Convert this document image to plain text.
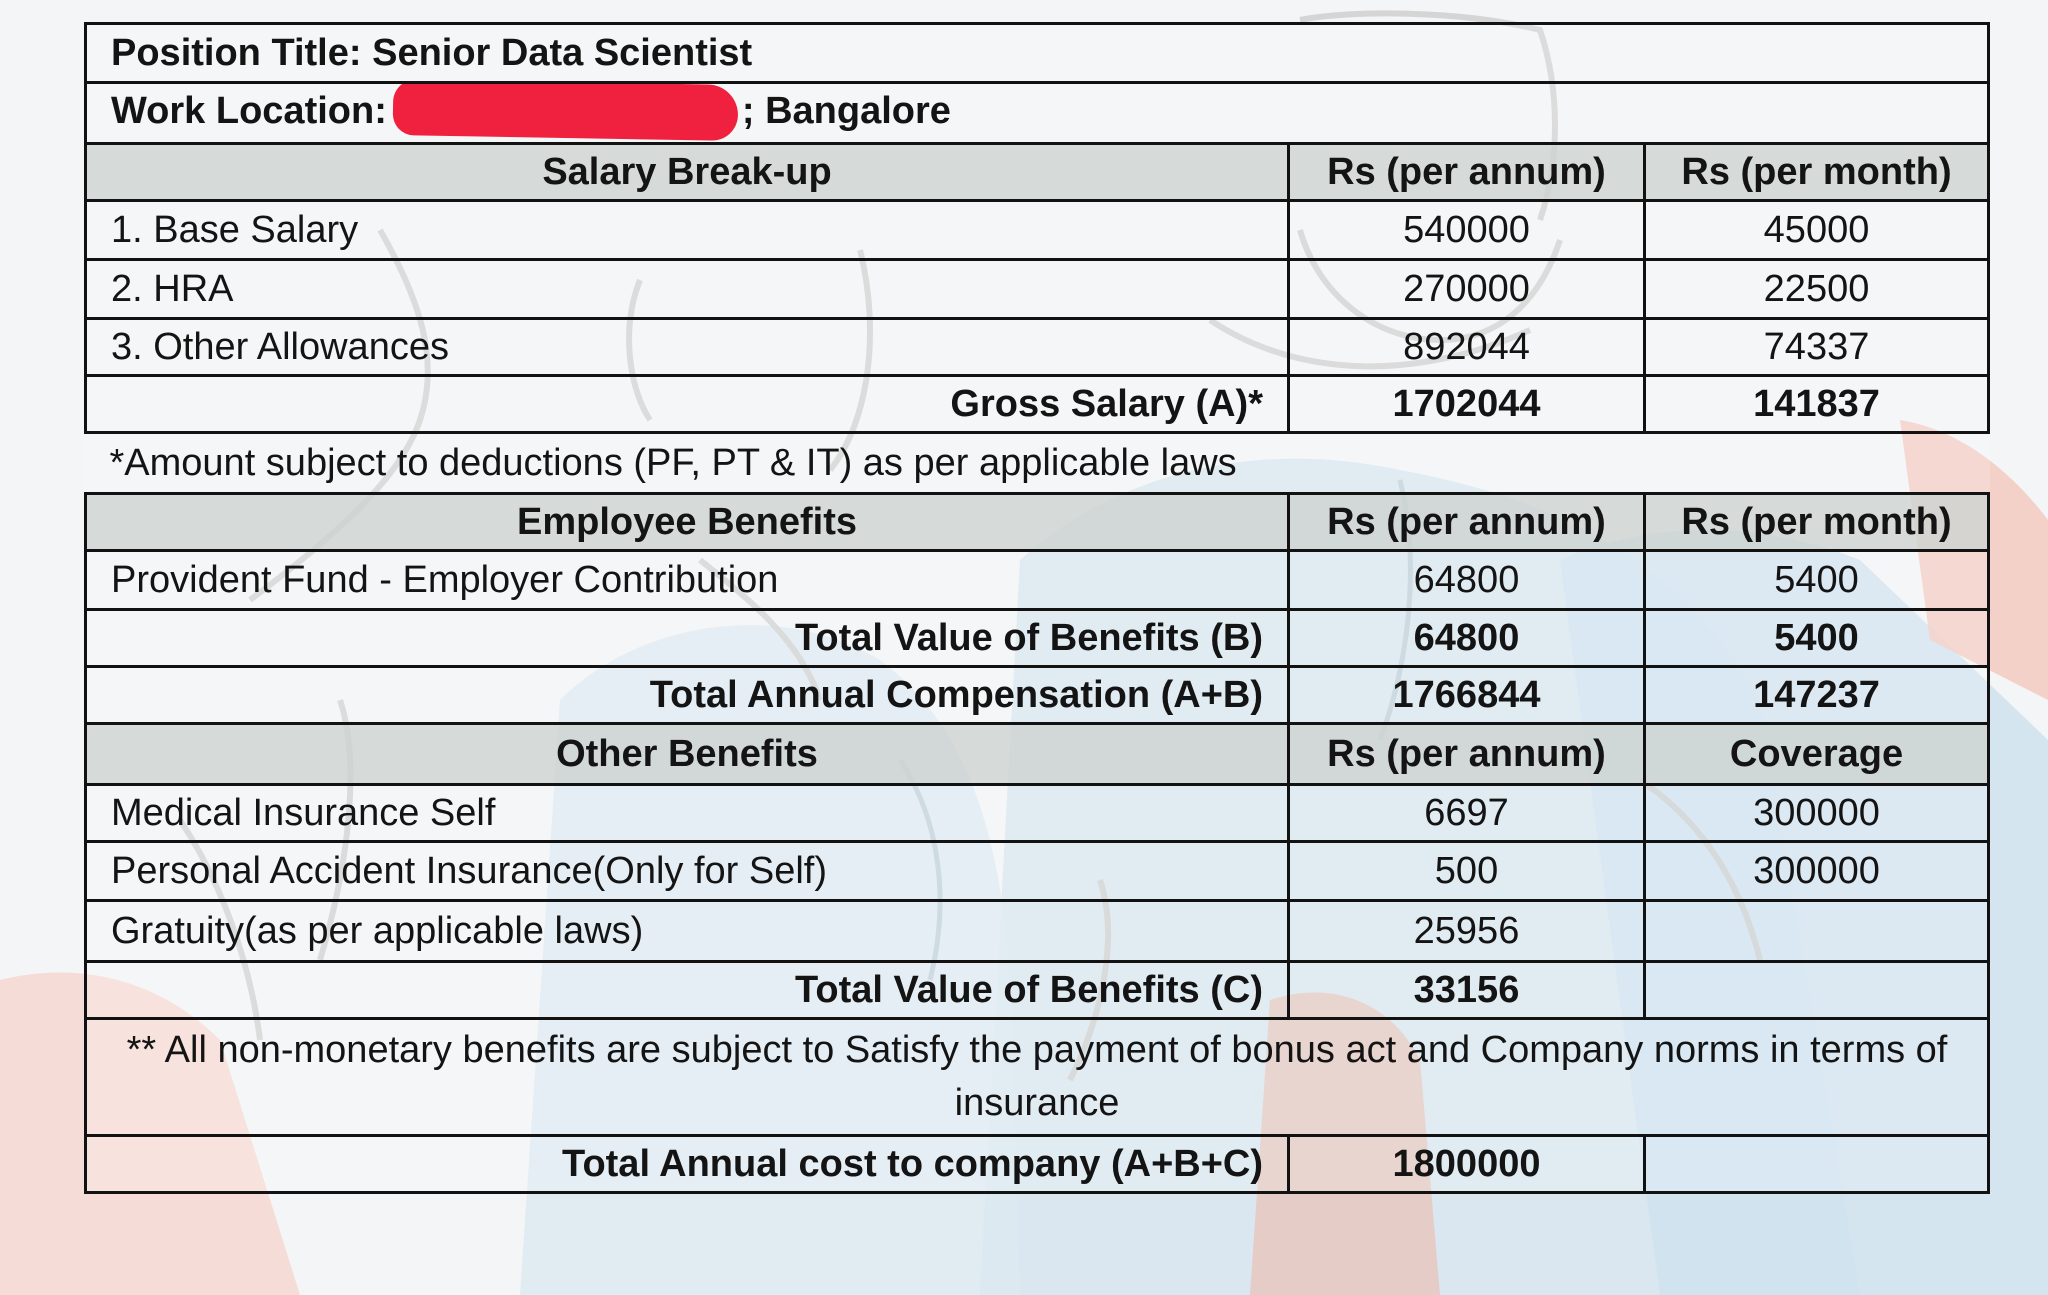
Position Title: Senior Data Scientist		
Work Location: ; Bangalore		
Salary Break-up	Rs (per annum)	Rs (per month)
1. Base Salary	540000	45000
2. HRA	270000	22500
3. Other Allowances	892044	74337
Gross Salary (A)*	1702044	141837
*Amount subject to deductions (PF, PT & IT) as per applicable laws		
Employee Benefits	Rs (per annum)	Rs (per month)
Provident Fund - Employer Contribution	64800	5400
Total Value of Benefits (B)	64800	5400
Total Annual Compensation (A+B)	1766844	147237
Other Benefits	Rs (per annum)	Coverage
Medical Insurance Self	6697	300000
Personal Accident Insurance(Only for Self)	500	300000
Gratuity(as per applicable laws)	25956	
Total Value of Benefits (C)	33156	
** All non-monetary benefits are subject to Satisfy the payment of bonus act and Company norms in terms of insurance		
Total Annual cost to company (A+B+C)	1800000	
